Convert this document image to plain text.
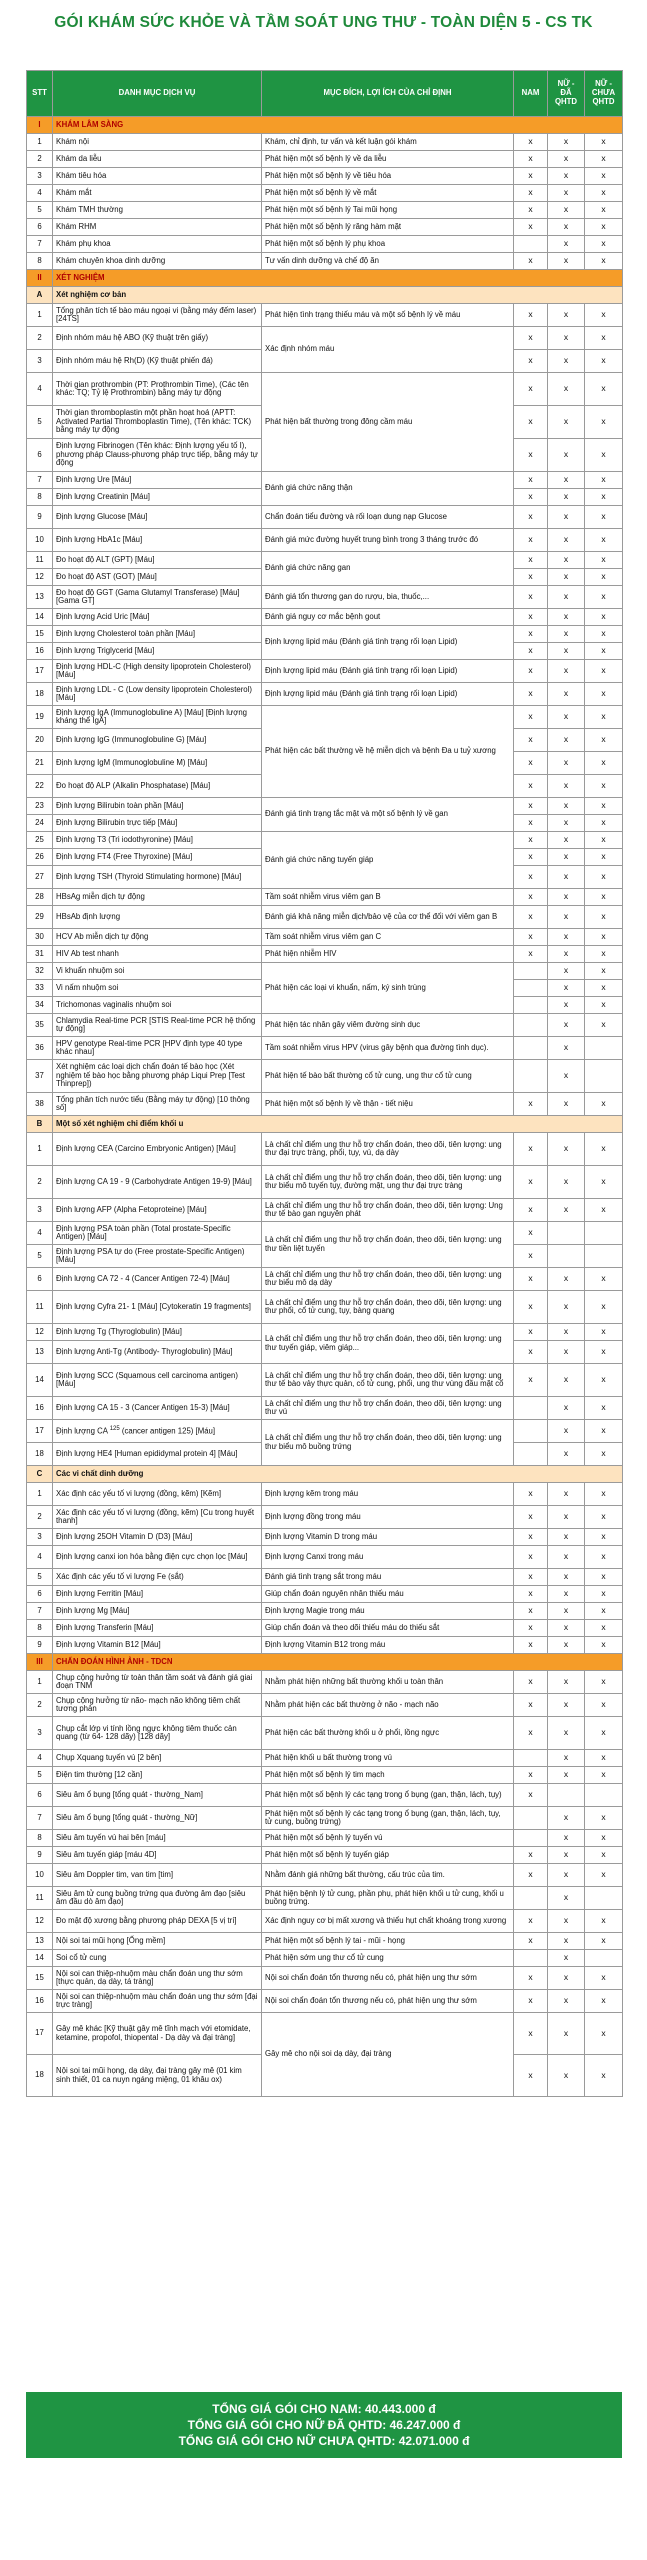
GÓI KHÁM SỨC KHỎE VÀ TẦM SOÁT UNG THƯ - TOÀN DIỆN 5 - CS TK
STT	DANH MỤC DỊCH VỤ	MỤC ĐÍCH, LỢI ÍCH CỦA CHỈ ĐỊNH	NAM	NỮ - ĐÃ QHTD	NỮ - CHƯA QHTD
I	KHÁM LÂM SÀNG				
1	Khám nội	Khám, chỉ định, tư vấn và kết luận gói khám	x	x	x
2	Khám da liễu	Phát hiện một số bệnh lý về da liễu	x	x	x
3	Khám tiêu hóa	Phát hiện một số bệnh lý về tiêu hóa	x	x	x
4	Khám mắt	Phát hiện một số bệnh lý về mắt	x	x	x
5	Khám TMH thường	Phát hiện một số bệnh lý Tai mũi họng	x	x	x
6	Khám RHM	Phát hiện một số bệnh lý răng hàm mặt	x	x	x
7	Khám phụ khoa	Phát hiện một số bệnh lý phụ khoa		x	x
8	Khám chuyên khoa dinh dưỡng	Tư vấn dinh dưỡng và chế độ ăn	x	x	x
II	XÉT NGHIỆM				
A	Xét nghiệm cơ bản				
1	Tổng phân tích tế bào máu ngoại vi (bằng máy đếm laser) [24TS]	Phát hiện tình trạng thiếu máu và một số bệnh lý về máu	x	x	x
2	Định nhóm máu hệ ABO (Kỹ thuật trên giấy)	Xác định nhóm máu	x	x	x
3	Định nhóm máu hệ Rh(D) (Kỹ thuật phiến đá)		x	x	x
4	Thời gian prothrombin (PT: Prothrombin Time), (Các tên khác: TQ; Tỷ lệ Prothrombin) bằng máy tự động	Phát hiện bất thường trong đông cầm máu	x	x	x
5	Thời gian thromboplastin một phần hoạt hoá (APTT: Activated Partial Thromboplastin Time), (Tên khác: TCK) bằng máy tự động		x	x	x
6	Định lượng Fibrinogen (Tên khác: Định lượng yếu tố I), phương pháp Clauss-phương pháp trực tiếp, bằng máy tự động		x	x	x
7	Định lượng Ure [Máu]	Đánh giá chức năng thận	x	x	x
8	Định lượng Creatinin [Máu]		x	x	x
9	Định lượng Glucose [Máu]	Chẩn đoán tiểu đường và rối loạn dung nạp Glucose	x	x	x
10	Định lượng HbA1c [Máu]	Đánh giá mức đường huyết trung bình trong 3 tháng trước đó	x	x	x
11	Đo hoạt độ ALT (GPT) [Máu]	Đánh giá chức năng gan	x	x	x
12	Đo hoạt độ AST (GOT) [Máu]		x	x	x
13	Đo hoạt độ GGT (Gama Glutamyl Transferase) [Máu] [Gama GT]	Đánh giá tổn thương gan do rượu, bia, thuốc,...	x	x	x
14	Định lượng Acid Uric [Máu]	Đánh giá nguy cơ mắc bệnh gout	x	x	x
15	Định lượng Cholesterol toàn phần [Máu]	Định lượng lipid máu (Đánh giá tình trạng rối loạn Lipid)	x	x	x
16	Định lượng Triglycerid [Máu]		x	x	x
17	Định lượng HDL-C (High density lipoprotein Cholesterol) [Máu]	Định lượng lipid máu (Đánh giá tình trạng rối loạn Lipid)	x	x	x
18	Định lượng LDL - C (Low density lipoprotein Cholesterol) [Máu]	Định lượng lipid máu (Đánh giá tình trạng rối loạn Lipid)	x	x	x
19	Định lượng IgA (Immunoglobuline A) [Máu] [Định lượng kháng thể IgA]	Phát hiện các bất thường về hệ miễn dịch và bệnh Đa u tuỷ xương	x	x	x
20	Định lượng IgG (Immunoglobuline G) [Máu]		x	x	x
21	Định lượng IgM (Immunoglobuline M) [Máu]		x	x	x
22	Đo hoạt độ ALP (Alkalin Phosphatase) [Máu]		x	x	x
23	Định lượng Bilirubin toàn phần [Máu]	Đánh giá tình trạng tắc mật và một số bệnh lý về gan	x	x	x
24	Định lượng Bilirubin trực tiếp [Máu]		x	x	x
25	Định lượng T3 (Tri iodothyronine) [Máu]	Đánh giá chức năng tuyến giáp	x	x	x
26	Định lượng FT4 (Free Thyroxine) [Máu]		x	x	x
27	Định lượng TSH (Thyroid Stimulating hormone) [Máu]		x	x	x
28	HBsAg miễn dịch tự động	Tầm soát nhiễm virus viêm gan B	x	x	x
29	HBsAb định lượng	Đánh giá khả năng miễn dịch/bảo vệ của cơ thể đối với viêm gan B	x	x	x
30	HCV Ab miễn dịch tự động	Tầm soát nhiễm virus viêm gan C	x	x	x
31	HIV Ab test nhanh	Phát hiện nhiễm HIV	x	x	x
32	Vi khuẩn nhuộm soi	Phát hiện các loại vi khuẩn, nấm, ký sinh trùng		x	x
33	Vi nấm nhuộm soi			x	x
34	Trichomonas vaginalis nhuộm soi			x	x
35	Chlamydia Real-time PCR [STIS Real-time PCR hệ thống tự động]	Phát hiện tác nhân gây viêm đường sinh dục		x	x
36	HPV genotype Real-time PCR [HPV định type 40 type khác nhau]	Tầm soát nhiễm virus HPV (virus gây bệnh qua đường tình dục).		x	
37	Xét nghiệm các loại dịch chẩn đoán tế bào học (Xét nghiệm tế bào học bằng phương pháp Liqui Prep [Test Thinprep])	Phát hiện tế bào bất thường cổ tử cung, ung thư cổ tử cung		x	
38	Tổng phân tích nước tiểu (Bằng máy tự động) [10 thông số]	Phát hiện một số bệnh lý về thận - tiết niệu	x	x	x
B	Một số xét nghiệm chỉ điểm khối u				
1	Định lượng CEA (Carcino Embryonic Antigen) [Máu]	Là chất chỉ điểm ung thư hỗ trợ chẩn đoán, theo dõi, tiên lượng: ung thư đại trực tràng, phổi, tụy, vú, dạ dày	x	x	x
2	Định lượng CA 19 - 9 (Carbohydrate Antigen 19-9) [Máu]	Là chất chỉ điểm ung thư hỗ trợ chẩn đoán, theo dõi, tiên lượng: ung thư biểu mô tuyến tụy, đường mật, ung thư đại trực tràng	x	x	x
3	Định lượng AFP (Alpha Fetoproteine) [Máu]	Là chất chỉ điểm ung thư hỗ trợ chẩn đoán, theo dõi, tiên lượng: Ung thư tế bào gan nguyên phát	x	x	x
4	Định lượng PSA toàn phần (Total prostate-Specific Antigen) [Máu]	Là chất chỉ điểm ung thư hỗ trợ chẩn đoán, theo dõi, tiên lượng: ung thư tiền liệt tuyến	x		
5	Định lượng PSA tự do (Free prostate-Specific Antigen) [Máu]		x		
6	Định lượng CA 72 - 4 (Cancer Antigen 72-4) [Máu]	Là chất chỉ điểm ung thư hỗ trợ chẩn đoán, theo dõi, tiên lượng: ung thư biểu mô dạ dày	x	x	x
11	Định lượng Cyfra 21- 1 [Máu] [Cytokeratin 19 fragments]	Là chất chỉ điểm ung thư hỗ trợ chẩn đoán, theo dõi, tiên lượng: ung thư phổi, cổ tử cung, tụy, bàng quang	x	x	x
12	Định lượng Tg (Thyroglobulin) [Máu]	Là chất chỉ điểm ung thư hỗ trợ chẩn đoán, theo dõi, tiên lượng: ung thư tuyến giáp, viêm giáp...	x	x	x
13	Định lượng Anti-Tg (Antibody- Thyroglobulin) [Máu]		x	x	x
14	Định lượng SCC (Squamous cell carcinoma antigen) [Máu]	Là chất chỉ điểm ung thư hỗ trợ chẩn đoán, theo dõi, tiên lượng: ung thư tế bào vảy thực quản, cổ tử cung, phổi, ung thư vùng đầu mặt cổ	x	x	x
16	Định lượng CA 15 - 3 (Cancer Antigen 15-3) [Máu]	Là chất chỉ điểm ung thư hỗ trợ chẩn đoán, theo dõi, tiên lượng: ung thư vú		x	x
17	Định lượng CA $^{125}$ (cancer antigen 125) [Máu]	Là chất chỉ điểm ung thư hỗ trợ chẩn đoán, theo dõi, tiên lượng: ung thư biểu mô buồng trứng		x	x
18	Định lượng HE4 [Human epididymal protein 4] [Máu]			x	x
C	Các vi chất dinh dưỡng				
1	Xác định các yếu tố vi lượng (đồng, kẽm) [Kẽm]	Định lượng kẽm trong máu	x	x	x
2	Xác định các yếu tố vi lượng (đồng, kẽm) [Cu trong huyết thanh]	Định lượng đồng trong máu	x	x	x
3	Định lượng 25OH Vitamin D (D3) [Máu]	Định lượng Vitamin D trong máu	x	x	x
4	Định lượng canxi ion hóa bằng điện cực chọn lọc [Máu]	Định lượng Canxi trong máu	x	x	x
5	Xác định các yếu tố vi lượng Fe (sắt)	Đánh giá tình trạng sắt trong máu	x	x	x
6	Định lượng Ferritin [Máu]	Giúp chẩn đoán nguyên nhân thiếu máu	x	x	x
7	Định lượng Mg [Máu]	Định lượng Magie trong máu	x	x	x
8	Định lượng Transferin [Máu]	Giúp chẩn đoán và theo dõi thiếu máu do thiếu sắt	x	x	x
9	Định lượng Vitamin B12 [Máu]	Định lượng Vitamin B12 trong máu	x	x	x
III	CHẨN ĐOÁN HÌNH ẢNH - TDCN				
1	Chụp cộng hưởng từ toàn thân tầm soát và đánh giá giai đoạn TNM	Nhằm phát hiện những bất thường khối u toàn thân	x	x	x
2	Chụp cộng hưởng từ não- mạch não không tiêm chất tương phản	Nhằm phát hiện các bất thường ở não - mạch não	x	x	x
3	Chụp cắt lớp vi tính lồng ngực không tiêm thuốc cản quang (từ 64- 128 dãy) [128 dãy]	Phát hiện các bất thường khối u ở phổi, lồng ngực	x	x	x
4	Chụp Xquang tuyến vú [2 bên]	Phát hiện khối u bất thường trong vú		x	x
5	Điện tim thường [12 cần]	Phát hiện một số bệnh lý tim mạch	x	x	x
6	Siêu âm ổ bụng [tổng quát - thường_Nam]	Phát hiện một số bệnh lý các tạng trong ổ bụng (gan, thận, lách, tụy)	x		
7	Siêu âm ổ bụng [tổng quát - thường_Nữ]	Phát hiện một số bệnh lý các tạng trong ổ bụng (gan, thận, lách, tụy, tử cung, buồng trứng)		x	x
8	Siêu âm tuyến vú hai bên [máu]	Phát hiện một số bệnh lý tuyến vú		x	x
9	Siêu âm tuyến giáp [máu 4D]	Phát hiện một số bệnh lý tuyến giáp	x	x	x
10	Siêu âm Doppler tim, van tim [tim]	Nhằm đánh giá những bất thường, cấu trúc của tim.	x	x	x
11	Siêu âm tử cung buồng trứng qua đường âm đạo [siêu âm đầu dò âm đạo]	Phát hiện bệnh lý tử cung, phần phụ, phát hiện khối u tử cung, khối u buồng trứng.		x	
12	Đo mật độ xương bằng phương pháp DEXA [5 vị trí]	Xác định nguy cơ bị mất xương và thiểu hụt chất khoáng trong xương	x	x	x
13	Nội soi tai mũi họng [Ống mềm]	Phát hiện một số bệnh lý tai - mũi - họng	x	x	x
14	Soi cổ tử cung	Phát hiện sớm ung thư cổ tử cung		x	
15	Nội soi can thiệp-nhuộm màu chẩn đoán ung thư sớm [thực quản, dạ dày, tá tràng]	Nội soi chẩn đoán tổn thương nếu có, phát hiện ung thư sớm	x	x	x
16	Nội soi can thiệp-nhuộm màu chẩn đoán ung thư sớm [đại trực tràng]	Nội soi chẩn đoán tổn thương nếu có, phát hiện ung thư sớm	x	x	x
17	Gây mê khác [Kỹ thuật gây mê tĩnh mạch với etomidate, ketamine, propofol, thiopental - Dạ dày và đại tràng]	Gây mê cho nội soi dạ dày, đại tràng	x	x	x
18	Nội soi tai mũi họng, dạ dày, đại tràng gây mê (01 kim sinh thiết, 01 ca nuyn ngáng miệng, 01 khâu ox)		x	x	x
TỔNG GIÁ GÓI CHO NAM: 40.443.000 đ
TỔNG GIÁ GÓI CHO NỮ ĐÃ QHTD: 46.247.000 đ
TỔNG GIÁ GÓI CHO NỮ CHƯA QHTD: 42.071.000 đ
